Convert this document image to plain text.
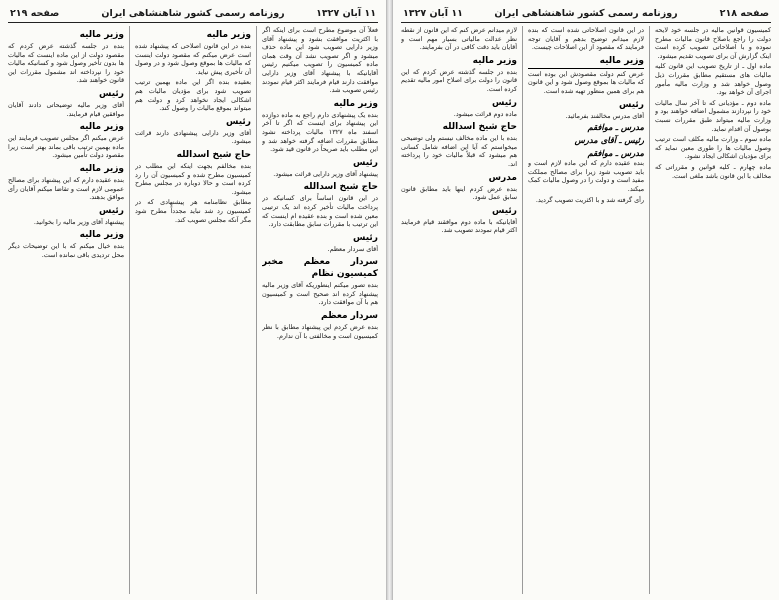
صفحه ۲۱۸
روزنامه رسمی کشور شاهنشاهی ایران
۱۱ آبان ۱۳۲۷
کمیسیون قوانین مالیه در جلسه خود لایحه دولت را راجع باصلاح قانون مالیات مطرح نموده و با اصلاحاتی تصویب کرده است اینک گزارش آن برای تصویب تقدیم میشود.
ماده اول ـ از تاریخ تصویب این قانون کلیه مالیات های مستقیم مطابق مقررات ذیل وصول خواهد شد و وزارت مالیه مأمور اجرای آن خواهد بود.
ماده دوم ـ مؤدیانی که تا آخر سال مالیات خود را نپردازند مشمول اضافه خواهند بود و وزارت مالیه میتواند طبق مقررات نسبت بوصول آن اقدام نماید.
ماده سوم ـ وزارت مالیه مکلف است ترتیب وصول مالیات ها را طوری معین نماید که برای مؤدیان اشکالی ایجاد نشود.
ماده چهارم ـ کلیه قوانین و مقرراتی که مخالف با این قانون باشد ملغی است.
در این قانون اصلاحاتی شده است که بنده لازم میدانم توضیح بدهم و آقایان توجه فرمایند که مقصود از این اصلاحات چیست.
وزیر مالیه
عرض کنم دولت مقصودش این بوده است که مالیات ها بموقع وصول شود و این قانون هم برای همین منظور تهیه شده است.
رئیس
آقای مدرس مخالفند بفرمائید.
مدرس ـ موافقم
رئیس ـ آقای مدرس
مدرس ـ موافقم
بنده عقیده دارم که این ماده لازم است و باید تصویب شود زیرا برای مصالح مملکت مفید است و دولت را در وصول مالیات کمک میکند.
رأی گرفته شد و با اکثریت تصویب گردید.
لازم میدانم عرض کنم که این قانون از نقطه نظر عدالت مالیاتی بسیار مهم است و آقایان باید دقت کافی در آن بفرمایند.
وزیر مالیه
بنده در جلسه گذشته عرض کردم که این قانون را دولت برای اصلاح امور مالیه تقدیم کرده است.
رئیس
ماده دوم قرائت میشود.
حاج شیخ اسدالله
بنده با این ماده مخالف نیستم ولی توضیحی میخواستم که آیا این اضافه شامل کسانی هم میشود که قبلاً مالیات خود را پرداخته اند.
مدرس
بنده عرض کردم اینها باید مطابق قانون سابق عمل شود.
رئیس
آقایانیکه با ماده دوم موافقند قیام فرمایند اکثر قیام نمودند تصویب شد.
۱۱ آبان ۱۳۲۷
روزنامه رسمی کشور شاهنشاهی ایران
صفحه ۲۱۹
فعلاً آن موضوع مطرح است برای اینکه اگر با اکثریت موافقت بشود و پیشنهاد آقای وزیر دارایی تصویب شود این ماده حذف میشود و اگر تصویب نشد آن وقت همان ماده کمیسیون را تصویب میکنیم رئیس آقایانیکه با پیشنهاد آقای وزیر دارایی موافقت دارند قیام فرمایند اکثر قیام نمودند رئیس تصویب شد.
وزیر مالیه
بنده یک پیشنهادی دارم راجع به ماده دوازده این پیشنهاد برای اینست که اگر تا آخر اسفند ماه ۱۳۲۷ مالیات پرداخته نشود مطابق مقررات اضافه گرفته خواهد شد و این مطلب باید صریحاً در قانون قید شود.
رئیس
پیشنهاد آقای وزیر دارایی قرائت میشود.
حاج شیخ اسدالله
در این قانون اساساً برای کسانیکه در پرداخت مالیات تأخیر کرده اند یک ترتیبی معین شده است و بنده عقیده ام اینست که این ترتیب با مقررات سابق مطابقت دارد.
رئیس
آقای سردار معظم.
سردار معظم مخبر کمیسیون نظام
بنده تصور میکنم اینطوریکه آقای وزیر مالیه پیشنهاد کرده اند صحیح است و کمیسیون هم با آن موافقت دارد.
سردار معظم
بنده عرض کردم این پیشنهاد مطابق با نظر کمیسیون است و مخالفتی با آن ندارم.
وزیر مالیه
بنده در این قانون اصلاحی که پیشنهاد شده است عرض میکنم که مقصود دولت اینست که مالیات ها بموقع وصول شود و در وصول آن تأخیری پیش نیاید.
بعقیده بنده اگر این ماده بهمین ترتیب تصویب شود برای مؤدیان مالیات هم اشکالی ایجاد نخواهد کرد و دولت هم میتواند بموقع مالیات را وصول کند.
رئیس
آقای وزیر دارایی پیشنهادی دارند قرائت میشود.
حاج شیخ اسدالله
بنده مخالفم بجهت اینکه این مطلب در کمیسیون مطرح شده و کمیسیون آن را رد کرده است و حالا دوباره در مجلس مطرح میشود.
مطابق نظامنامه هر پیشنهادی که در کمیسیون رد شد نباید مجدداً مطرح شود مگر آنکه مجلس تصویب کند.
وزیر مالیه
بنده در جلسه گذشته عرض کردم که مقصود دولت از این ماده اینست که مالیات ها بدون تأخیر وصول شود و کسانیکه مالیات خود را نپرداخته اند مشمول مقررات این قانون خواهند شد.
رئیس
آقای وزیر مالیه توضیحاتی دادند آقایان موافقین قیام فرمایند.
وزیر مالیه
عرض میکنم اگر مجلس تصویب فرمایند این ماده بهمین ترتیب باقی بماند بهتر است زیرا مقصود دولت تأمین میشود.
وزیر مالیه
بنده عقیده دارم که این پیشنهاد برای مصالح عمومی لازم است و تقاضا میکنم آقایان رأی موافق بدهند.
رئیس
پیشنهاد آقای وزیر مالیه را بخوانید.
وزیر مالیه
بنده خیال میکنم که با این توضیحات دیگر محل تردیدی باقی نمانده است.
